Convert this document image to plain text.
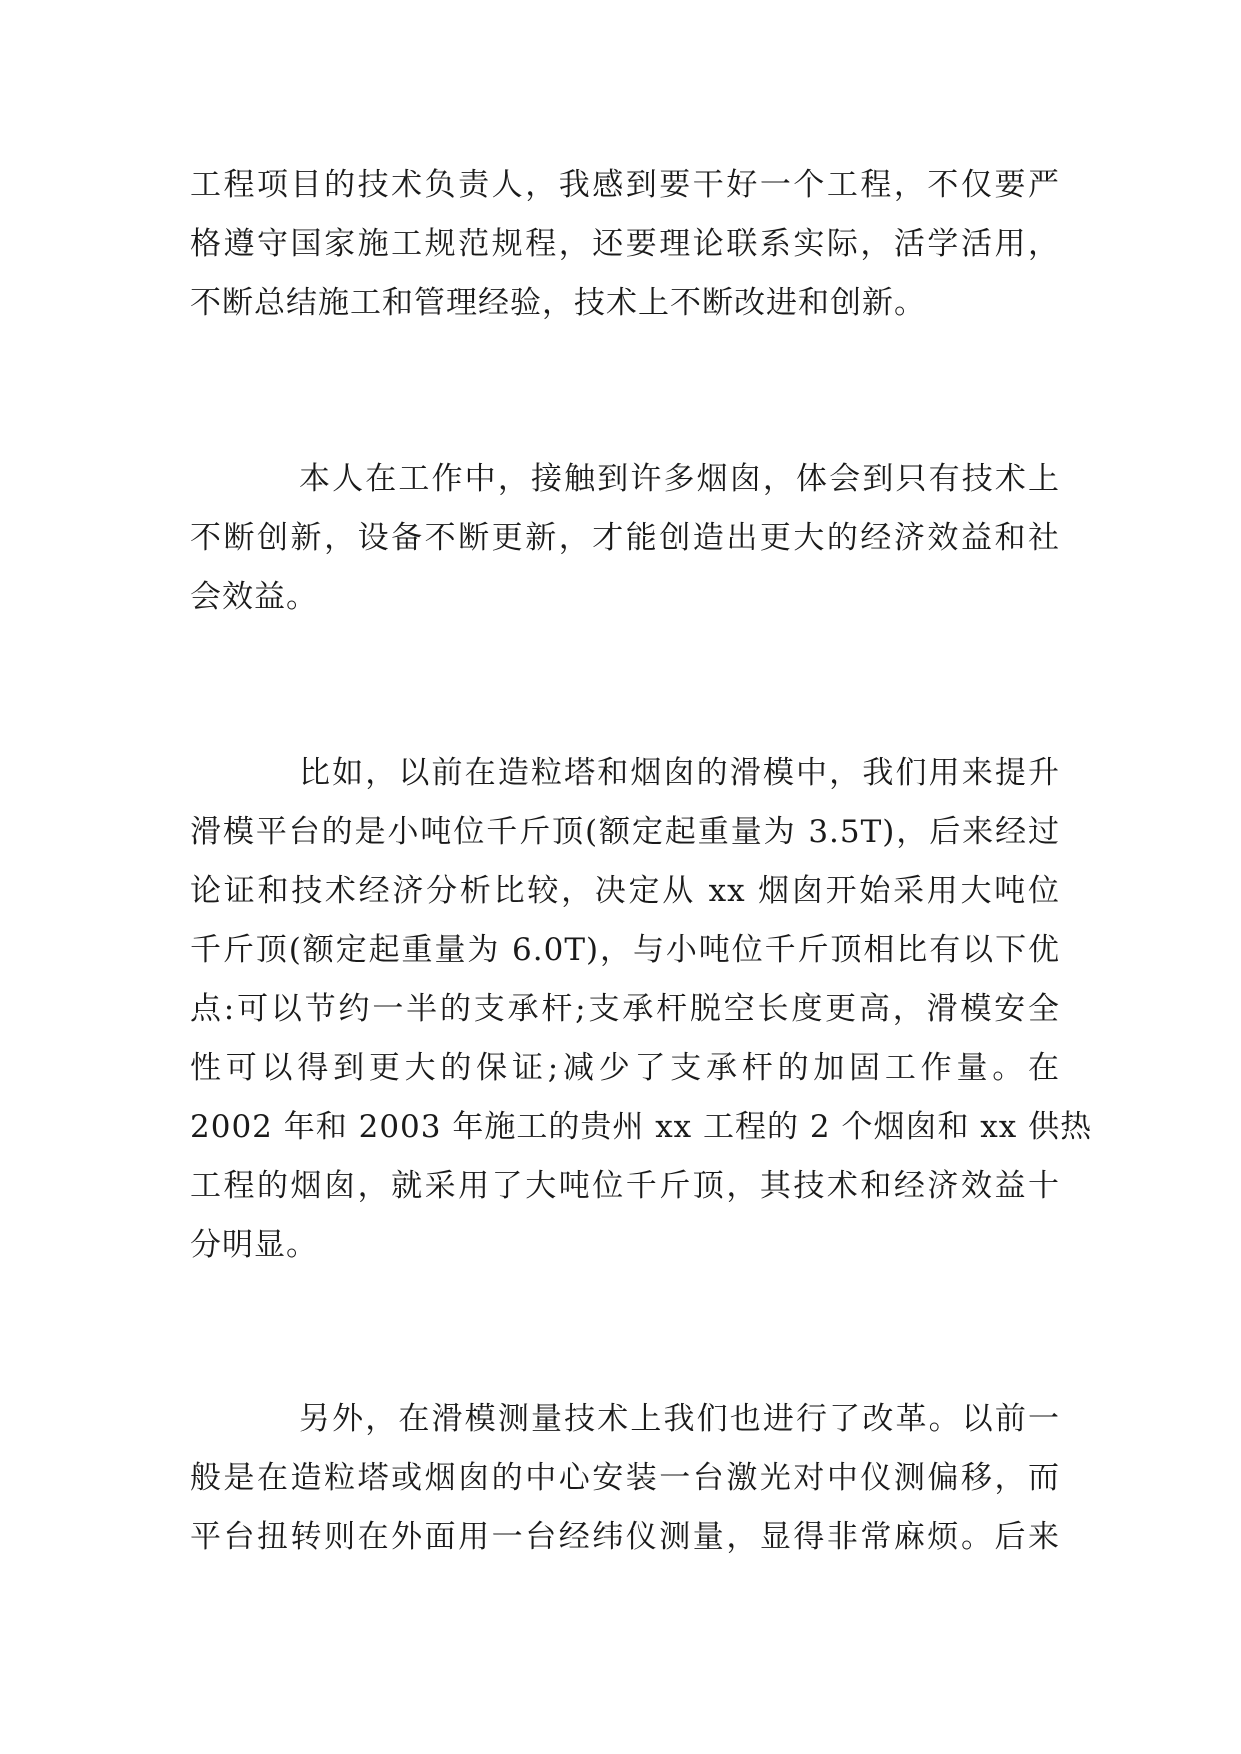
工程项目的技术负责人，我感到要干好一个工程，不仅要严
格遵守国家施工规范规程，还要理论联系实际，活学活用，
不断总结施工和管理经验，技术上不断改进和创新。
本人在工作中，接触到许多烟囱，体会到只有技术上
不断创新，设备不断更新，才能创造出更大的经济效益和社
会效益。
比如，以前在造粒塔和烟囱的滑模中，我们用来提升
滑模平台的是小吨位千斤顶(额定起重量为 3.5T)，后来经过
论证和技术经济分析比较，决定从 xx 烟囱开始采用大吨位
千斤顶(额定起重量为 6.0T)，与小吨位千斤顶相比有以下优
点:可以节约一半的支承杆;支承杆脱空长度更高，滑模安全
性可以得到更大的保证;减少了支承杆的加固工作量。在
2002 年和 2003 年施工的贵州 xx 工程的 2 个烟囱和 xx 供热
工程的烟囱，就采用了大吨位千斤顶，其技术和经济效益十
分明显。
另外，在滑模测量技术上我们也进行了改革。以前一
般是在造粒塔或烟囱的中心安装一台激光对中仪测偏移，而
平台扭转则在外面用一台经纬仪测量，显得非常麻烦。后来
